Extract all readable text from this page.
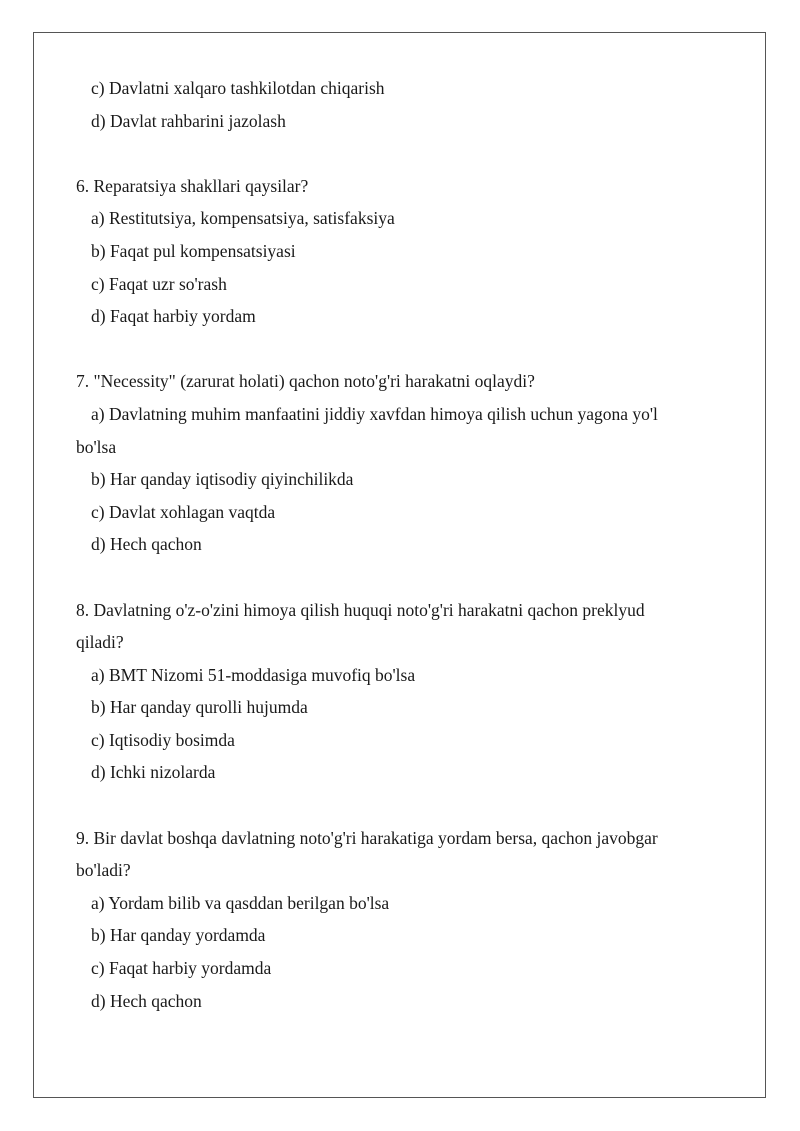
c) Davlatni xalqaro tashkilotdan chiqarish

d) Davlat rahbarini jazolash

6. Reparatsiya shakllari qaysilar?

a) Restitutsiya, kompensatsiya, satisfaksiya

b) Faqat pul kompensatsiyasi

c) Faqat uzr so'rash

d) Faqat harbiy yordam

7. "Necessity" (zarurat holati) qachon noto'g'ri harakatni oqlaydi?

a) Davlatning muhim manfaatini jiddiy xavfdan himoya qilish uchun yagona yo'l

bo'lsa

b) Har qanday iqtisodiy qiyinchilikda

c) Davlat xohlagan vaqtda

d) Hech qachon

8. Davlatning o'z-o'zini himoya qilish huquqi noto'g'ri harakatni qachon preklyud

qiladi?

a) BMT Nizomi 51-moddasiga muvofiq bo'lsa

b) Har qanday qurolli hujumda

c) Iqtisodiy bosimda

d) Ichki nizolarda

9. Bir davlat boshqa davlatning noto'g'ri harakatiga yordam bersa, qachon javobgar

bo'ladi?

a) Yordam bilib va qasddan berilgan bo'lsa

b) Har qanday yordamda

c) Faqat harbiy yordamda

d) Hech qachon
